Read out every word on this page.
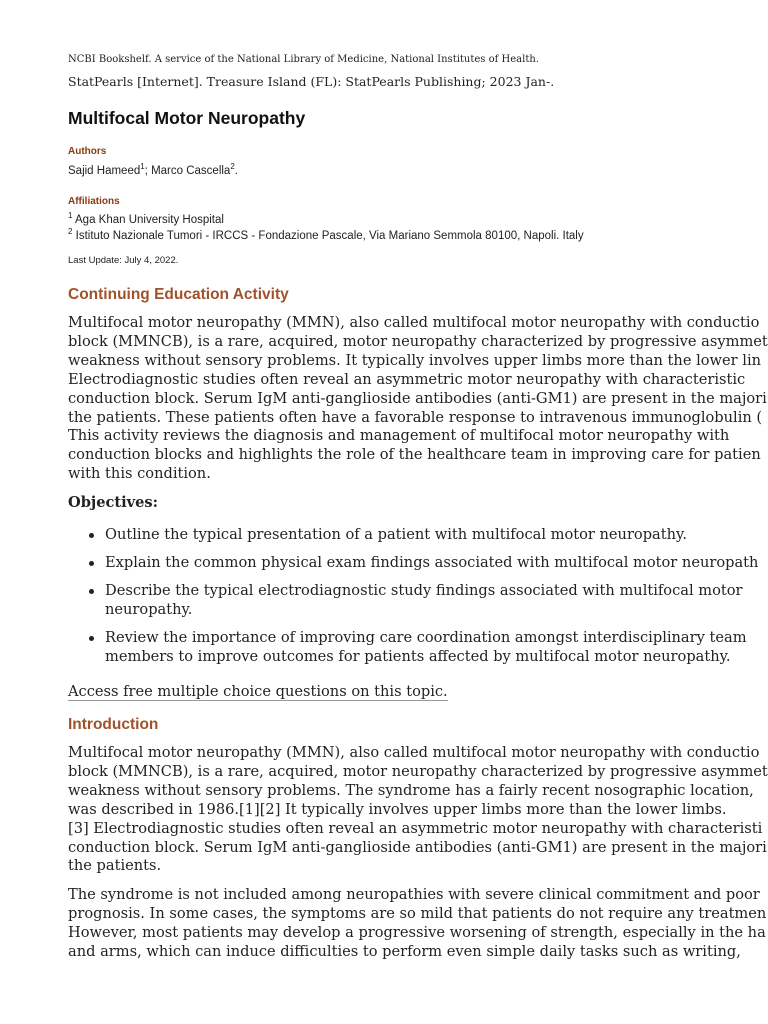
NCBI Bookshelf. A service of the National Library of Medicine, National Institutes of Health.
StatPearls [Internet]. Treasure Island (FL): StatPearls Publishing; 2023 Jan-.
Multifocal Motor Neuropathy
Authors
Sajid Hameed$^1$; Marco Cascella$^2$.
Affiliations
$^1$ Aga Khan University Hospital
$^2$ Istituto Nazionale Tumori - IRCCS - Fondazione Pascale, Via Mariano Semmola 80100, Napoli. Italy
Last Update: July 4, 2022.
Continuing Education Activity

Multifocal motor neuropathy (MMN), also called multifocal motor neuropathy with conductio
block (MMNCB), is a rare, acquired, motor neuropathy characterized by progressive asymmet
weakness without sensory problems. It typically involves upper limbs more than the lower lin
Electrodiagnostic studies often reveal an asymmetric motor neuropathy with characteristic
conduction block. Serum IgM anti-ganglioside antibodies (anti-GM1) are present in the majori
the patients. These patients often have a favorable response to intravenous immunoglobulin (
This activity reviews the diagnosis and management of multifocal motor neuropathy with
conduction blocks and highlights the role of the healthcare team in improving care for patien
with this condition.

Objectives:
Outline the typical presentation of a patient with multifocal motor neuropathy.
Explain the common physical exam findings associated with multifocal motor neuropath
Describe the typical electrodiagnostic study findings associated with multifocal motor
neuropathy.
Review the importance of improving care coordination amongst interdisciplinary team
members to improve outcomes for patients affected by multifocal motor neuropathy.
Access free multiple choice questions on this topic.
Introduction

Multifocal motor neuropathy (MMN), also called multifocal motor neuropathy with conductio
block (MMNCB), is a rare, acquired, motor neuropathy characterized by progressive asymmet
weakness without sensory problems. The syndrome has a fairly recent nosographic location,
was described in 1986.[1][2] It typically involves upper limbs more than the lower limbs.
[3] Electrodiagnostic studies often reveal an asymmetric motor neuropathy with characteristi
conduction block. Serum IgM anti-ganglioside antibodies (anti-GM1) are present in the majori
the patients.

The syndrome is not included among neuropathies with severe clinical commitment and poor
prognosis. In some cases, the symptoms are so mild that patients do not require any treatmen
However, most patients may develop a progressive worsening of strength, especially in the ha
and arms, which can induce difficulties to perform even simple daily tasks such as writing,
